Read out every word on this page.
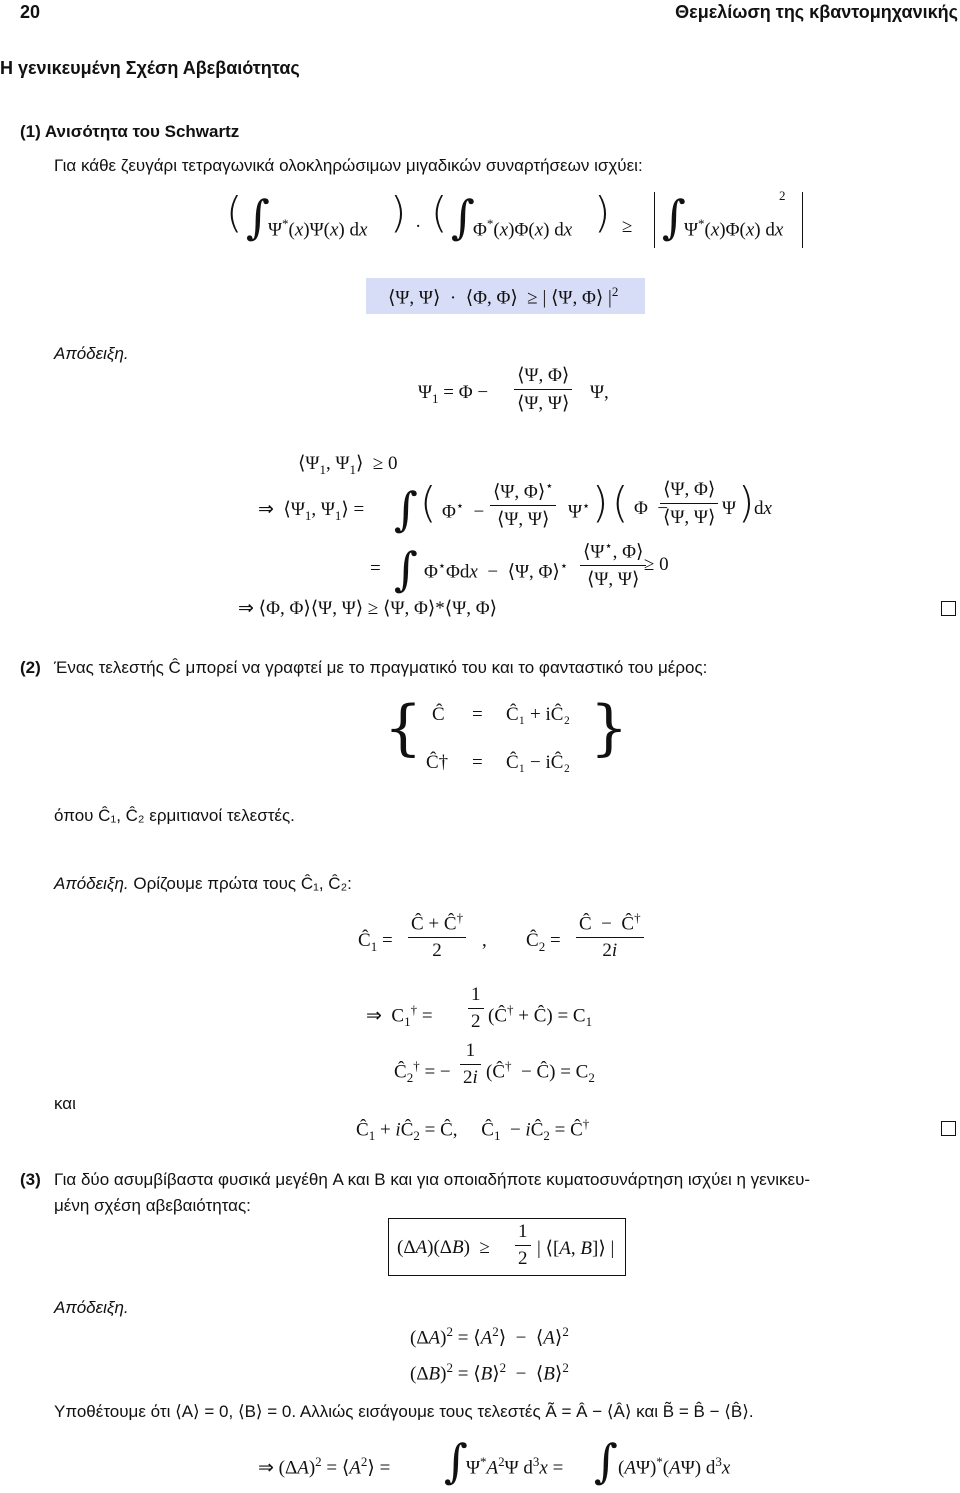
20	Θεμελίωση της κβαντομηχανικής
Η γενικευμένη Σχέση Αβεβαιότητας
(1) Ανισότητα του Schwartz
Για κάθε ζευγάρι τετραγωνικά ολοκληρώσιμων μιγαδικών συναρτήσεων ισχύει:
( ∫
Ψ*(x)Ψ(x) dx ) · ( ∫
Φ*(x)Φ(x) dx ) ≥ ∫
Ψ*(x)Φ(x) dx
2
⟨Ψ, Ψ⟩  ·  ⟨Φ, Φ⟩  ≥ | ⟨Ψ, Φ⟩ $|^2$
Απόδειξη.
$\Psi_1 = \Phi - \frac{⟨\Psi, \Phi⟩}{⟨\Psi, \Psi⟩} \Psi$,
$⟨\Psi_1$, $\Psi_1⟩ \ge 0$
⇒  $⟨\Psi_1$, $\Psi_1⟩$ = ∫ ( $\Phi^⋆ - \frac{⟨\Psi, \Phi⟩^⋆}{⟨\Psi, \Psi⟩} \Psi^⋆$ ) ( Φ  −
$\frac{⟨\Psi, \Phi⟩}{⟨\Psi, \Psi⟩}$ Ψ ) dx
= ∫ Φ⋆Φdx  −  ⟨Ψ, Φ⟩⋆ $\frac{⟨\Psi^⋆, \Phi⟩}{⟨\Psi, \Psi⟩}$
≥ 0
⇒ ⟨Φ, Φ⟩⟨Ψ, Ψ⟩ ≥ ⟨Ψ, Φ⟩*⟨Ψ, Φ⟩
(2) Ένας τελεστής Ĉ μπορεί να γραφτεί με το πραγματικό του και το φανταστικό του μέρος:
{ Ĉ = Ĉ₁ + iĈ₂
Ĉ† = Ĉ₁ − iĈ₂ }
όπου Ĉ₁, Ĉ₂ ερμιτιανοί τελεστές.
Απόδειξη. Ορίζουμε πρώτα τους Ĉ₁, Ĉ₂:
$Ĉ_1 = \frac{Ĉ + Ĉ^\dagger}{2}$ , $Ĉ_2 = \frac{Ĉ - Ĉ^\dagger}{2i}$
⇒  $C_1^\dagger = \frac{1}{2}$ (Ĉ† + Ĉ) = $C_1$
$Ĉ_2^\dagger$ = − $\frac{1}{2i}$ (Ĉ†  − Ĉ) = $C_2$
και
$Ĉ_1$ + $iĈ_2$ = Ĉ,     $Ĉ_1$  − $iĈ_2$ = Ĉ†
(3) Για δύο ασυμβίβαστα φυσικά μεγέθη A και B και για οποιαδήποτε κυματοσυνάρτηση ισχύει η γενικευ-
μένη σχέση αβεβαιότητας:
$(\Delta A)(\Delta B) \ge \frac{1}{2}$ | ⟨[A, B]⟩ |
Απόδειξη.
$(\Delta A)^2$ = $⟨A^2⟩$  −  ⟨A⟩$^2$
$(\Delta B)^2$ = ⟨B⟩$^2$  −  ⟨B⟩$^2$
Υποθέτουμε ότι ⟨A⟩ = 0, ⟨B⟩ = 0. Αλλιώς εισάγουμε τους τελεστές Ã = Â − ⟨Â⟩ και B̃ = B̂ − ⟨B̂⟩.
⇒ $(\Delta A)^2$ = $⟨A^2⟩$ = ∫
$\Psi^*A^2\Psi$ $d^3x$ = ∫ (AΨ)*(AΨ) $d^3x$
